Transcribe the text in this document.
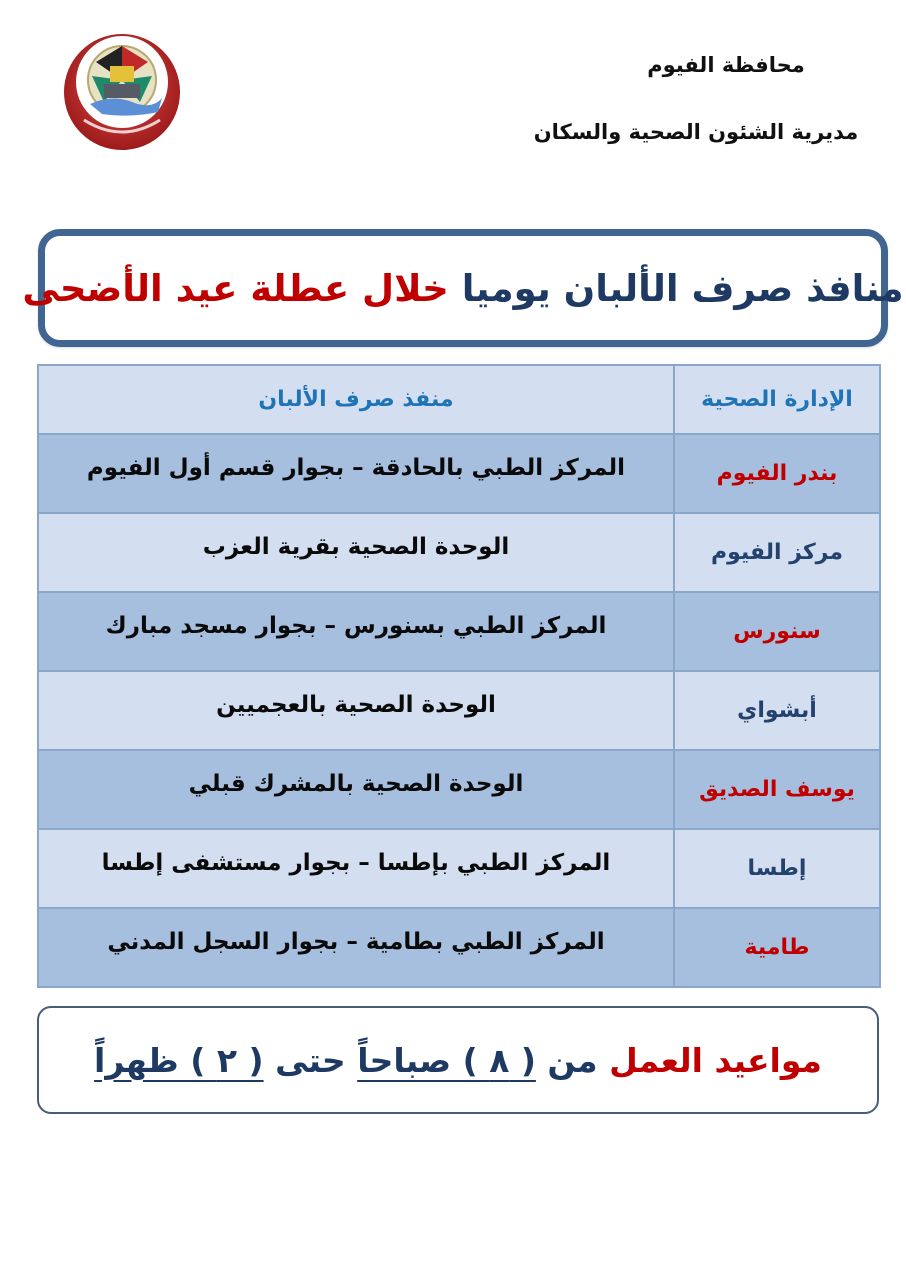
محافظة الفيوم
مديرية الشئون الصحية والسكان
منافذ صرف الألبان يوميا خلال عطلة عيد الأضحى
الإدارة الصحية	منفذ صرف الألبان
بندر الفيوم	المركز الطبي بالحادقة – بجوار قسم أول الفيوم
مركز الفيوم	الوحدة الصحية بقرية العزب
سنورس	المركز الطبي بسنورس – بجوار مسجد مبارك
أبشواي	الوحدة الصحية بالعجميين
يوسف الصديق	الوحدة الصحية بالمشرك قبلي
إطسا	المركز الطبي بإطسا – بجوار مستشفى إطسا
طامية	المركز الطبي بطامية – بجوار السجل المدني
مواعيد العمل من ( ٨ ) صباحاً حتى ( ٢ ) ظهراً
